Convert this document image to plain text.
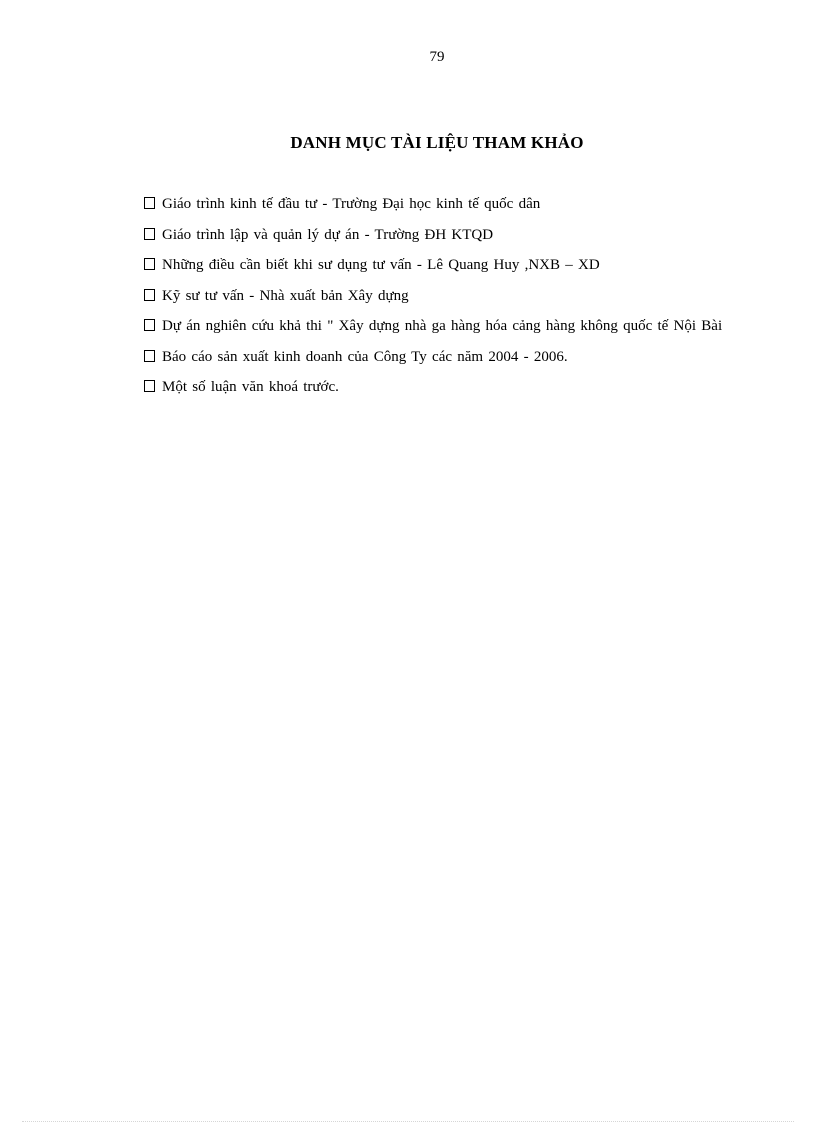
79
DANH MỤC TÀI LIỆU THAM KHẢO
Giáo trình kinh tế đầu tư - Trường Đại học kinh tế quốc dân
Giáo trình lập và quản lý dự án - Trường ĐH KTQD
Những điều cần biết khi sư dụng tư vấn - Lê Quang Huy ,NXB – XD
Kỹ sư tư vấn - Nhà xuất bản Xây dựng
Dự án nghiên cứu khả thi " Xây dựng nhà ga hàng hóa cảng hàng không quốc tế Nội Bài
Báo cáo sản xuất kinh doanh của Công Ty các năm 2004 - 2006.
Một số luận văn khoá trước.
